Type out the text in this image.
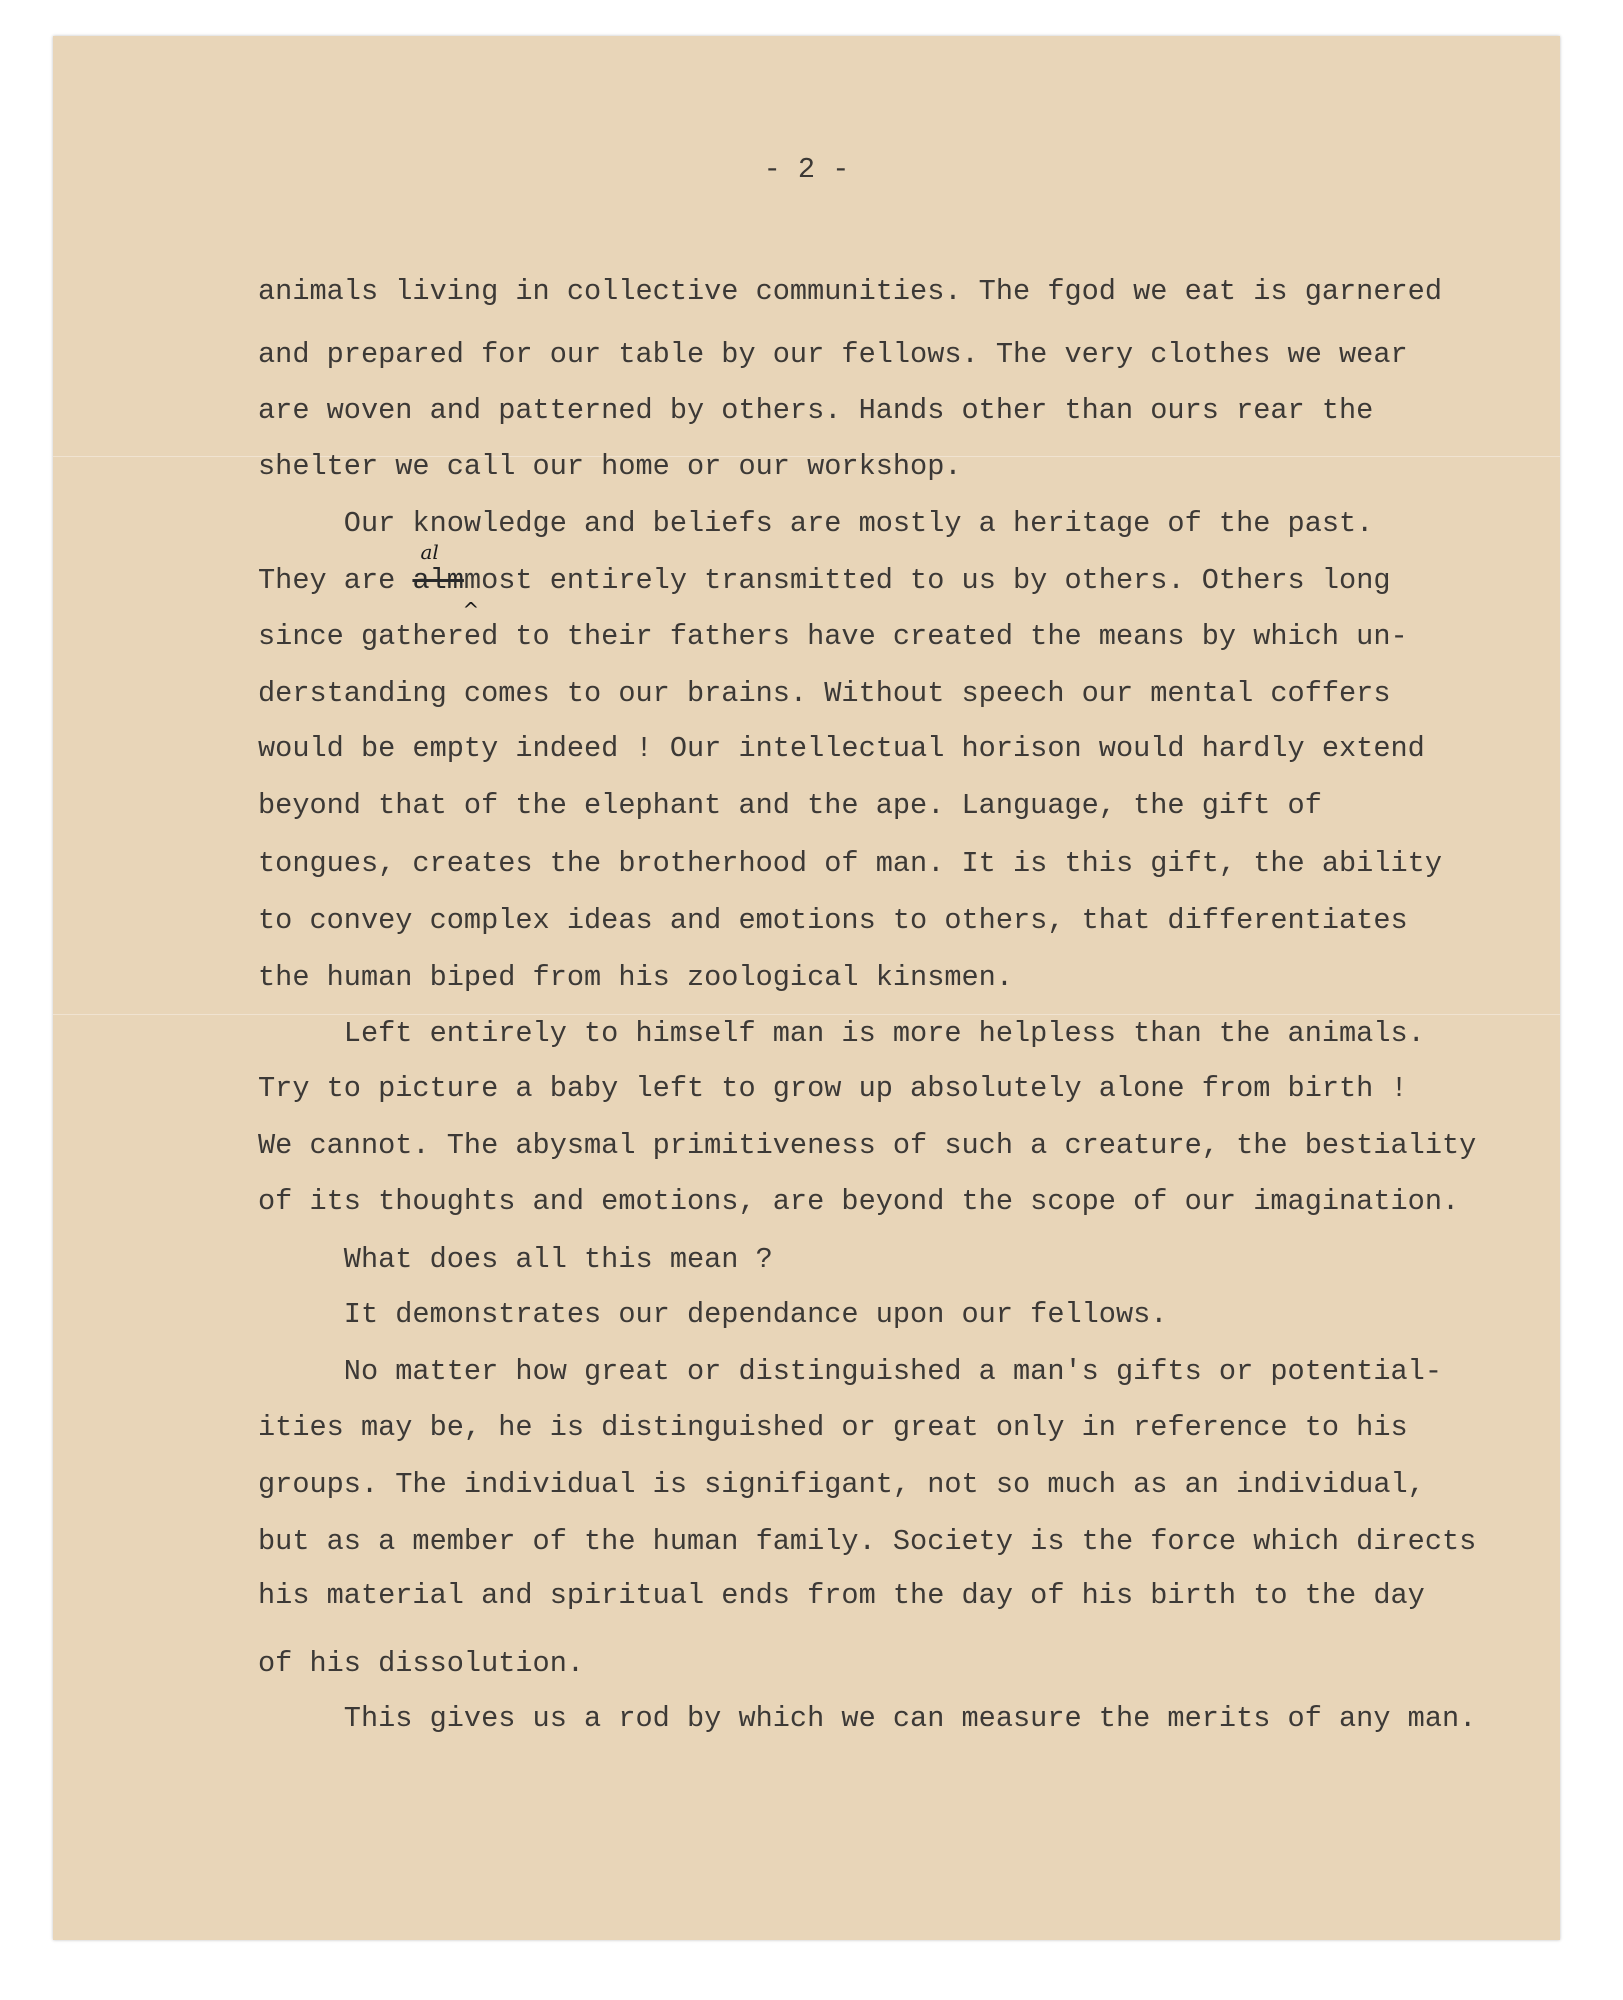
- 2 -
animals living in collective communities. The fgod we eat is garnered
and prepared for our table by our fellows. The very clothes we wear
are woven and patterned by others. Hands other than ours rear the
shelter we call our home or our workshop.
Our knowledge and beliefs are mostly a heritage of the past.
since gathered to their fathers have created the means by which un-
derstanding comes to our brains. Without speech our mental coffers
would be empty indeed ! Our intellectual horison would hardly extend
beyond that of the elephant and the ape. Language, the gift of
tongues, creates the brotherhood of man. It is this gift, the ability
to convey complex ideas and emotions to others, that differentiates
the human biped from his zoological kinsmen.
Left entirely to himself man is more helpless than the animals.
Try to picture a baby left to grow up absolutely alone from birth !
We cannot. The abysmal primitiveness of such a creature, the bestiality
of its thoughts and emotions, are beyond the scope of our imagination.
What does all this mean ?
It demonstrates our dependance upon our fellows.
No matter how great or distinguished a man's gifts or potential-
ities may be, he is distinguished or great only in reference to his
groups. The individual is signifigant, not so much as an individual,
but as a member of the human family. Society is the force which directs
his material and spiritual ends from the day of his birth to the day
of his dissolution.
This gives us a rod by which we can measure the merits of any man.
They are alm
al
^
most entirely transmitted to us by others. Others long
